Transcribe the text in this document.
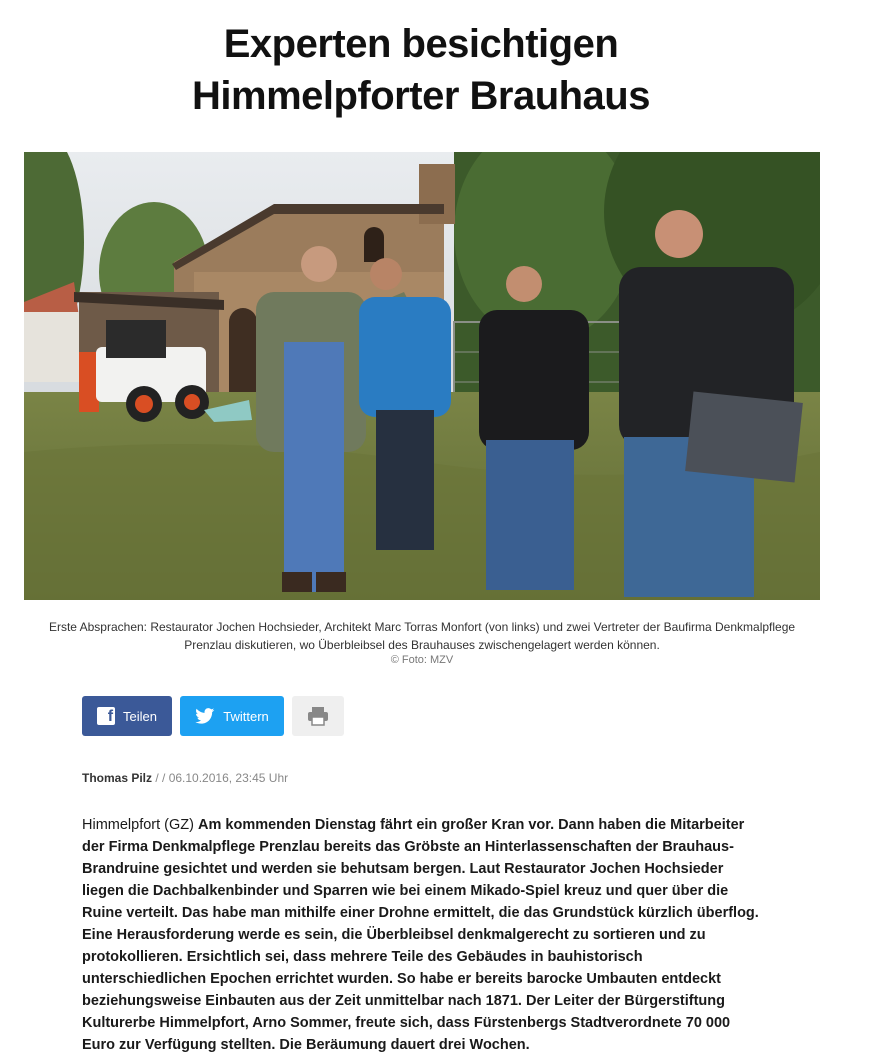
Experten besichtigen
Himmelpforter Brauhaus
Erste Absprachen: Restaurator Jochen Hochsieder, Architekt Marc Torras Monfort (von links) und zwei Vertreter der Baufirma Denkmalpflege Prenzlau diskutieren, wo Überbleibsel des Brauhauses zwischengelagert werden können.
© Foto: MZV
f Teilen	Twittern
Thomas Pilz / / 06.10.2016, 23:45 Uhr

Himmelpfort (GZ) Am kommenden Dienstag fährt ein großer Kran vor. Dann haben die Mitarbeiter der Firma Denkmalpflege Prenzlau bereits das Gröbste an Hinterlassenschaften der Brauhaus-Brandruine gesichtet und werden sie behutsam bergen. Laut Restaurator Jochen Hochsieder liegen die Dachbalkenbinder und Sparren wie bei einem Mikado-Spiel kreuz und quer über die Ruine verteilt. Das habe man mithilfe einer Drohne ermittelt, die das Grundstück kürzlich überflog. Eine Herausforderung werde es sein, die Überbleibsel denkmalgerecht zu sortieren und zu protokollieren. Ersichtlich sei, dass mehrere Teile des Gebäudes in bauhistorisch unterschiedlichen Epochen errichtet wurden. So habe er bereits barocke Umbauten entdeckt beziehungsweise Einbauten aus der Zeit unmittelbar nach 1871. Der Leiter der Bürgerstiftung Kulturerbe Himmelpfort, Arno Sommer, freute sich, dass Fürstenbergs Stadtverordnete 70 000 Euro zur Verfügung stellten. Die Beräumung dauert drei Wochen.
